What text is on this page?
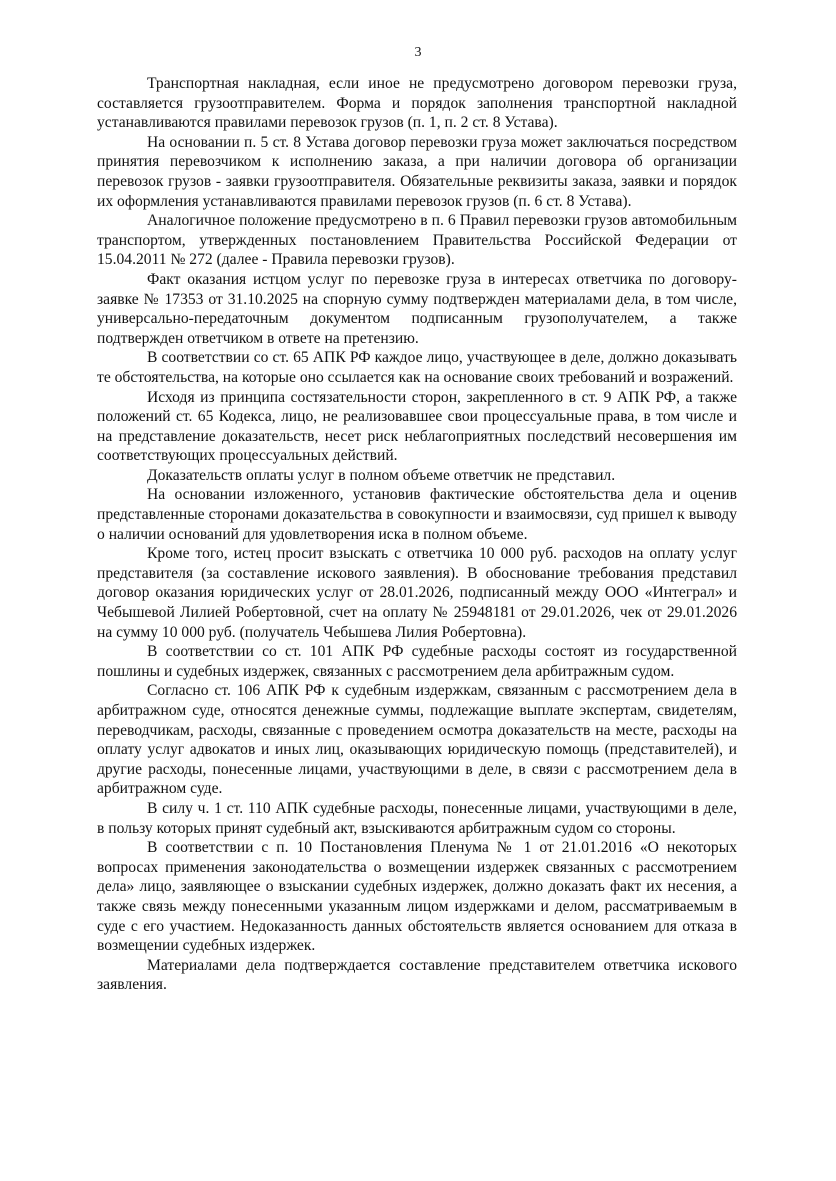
3

Транспортная накладная, если иное не предусмотрено договором перевозки груза, составляется грузоотправителем. Форма и порядок заполнения транспортной накладной устанавливаются правилами перевозок грузов (п. 1, п. 2 ст. 8 Устава).

На основании п. 5 ст. 8 Устава договор перевозки груза может заключаться посредством принятия перевозчиком к исполнению заказа, а при наличии договора об организации перевозок грузов - заявки грузоотправителя. Обязательные реквизиты заказа, заявки и порядок их оформления устанавливаются правилами перевозок грузов (п. 6 ст. 8 Устава).

Аналогичное положение предусмотрено в п. 6 Правил перевозки грузов автомобильным транспортом, утвержденных постановлением Правительства Российской Федерации от 15.04.2011 № 272 (далее - Правила перевозки грузов).

Факт оказания истцом услуг по перевозке груза в интересах ответчика по договору-заявке № 17353 от 31.10.2025 на спорную сумму подтвержден материалами дела, в том числе, универсально-передаточным документом подписанным грузополучателем, а также подтвержден ответчиком в ответе на претензию.

В соответствии со ст. 65 АПК РФ каждое лицо, участвующее в деле, должно доказывать те обстоятельства, на которые оно ссылается как на основание своих требований и возражений.

Исходя из принципа состязательности сторон, закрепленного в ст. 9 АПК РФ, а также положений ст. 65 Кодекса, лицо, не реализовавшее свои процессуальные права, в том числе и на представление доказательств, несет риск неблагоприятных последствий несовершения им соответствующих процессуальных действий.

Доказательств оплаты услуг в полном объеме ответчик не представил.

На основании изложенного, установив фактические обстоятельства дела и оценив представленные сторонами доказательства в совокупности и взаимосвязи, суд пришел к выводу о наличии оснований для удовлетворения иска в полном объеме.

Кроме того, истец просит взыскать с ответчика 10 000 руб. расходов на оплату услуг представителя (за составление искового заявления). В обоснование требования представил договор оказания юридических услуг от 28.01.2026, подписанный между ООО «Интеграл» и Чебышевой Лилией Робертовной, счет на оплату № 25948181 от 29.01.2026, чек от 29.01.2026 на сумму 10 000 руб. (получатель Чебышева Лилия Робертовна).

В соответствии со ст. 101 АПК РФ судебные расходы состоят из государственной пошлины и судебных издержек, связанных с рассмотрением дела арбитражным судом.

Согласно ст. 106 АПК РФ к судебным издержкам, связанным с рассмотрением дела в арбитражном суде, относятся денежные суммы, подлежащие выплате экспертам, свидетелям, переводчикам, расходы, связанные с проведением осмотра доказательств на месте, расходы на оплату услуг адвокатов и иных лиц, оказывающих юридическую помощь (представителей), и другие расходы, понесенные лицами, участвующими в деле, в связи с рассмотрением дела в арбитражном суде.

В силу ч. 1 ст. 110 АПК судебные расходы, понесенные лицами, участвующими в деле, в пользу которых принят судебный акт, взыскиваются арбитражным судом со стороны.

В соответствии с п. 10 Постановления Пленума № 1 от 21.01.2016 «О некоторых вопросах применения законодательства о возмещении издержек связанных с рассмотрением дела» лицо, заявляющее о взыскании судебных издержек, должно доказать факт их несения, а также связь между понесенными указанным лицом издержками и делом, рассматриваемым в суде с его участием. Недоказанность данных обстоятельств является основанием для отказа в возмещении судебных издержек.

Материалами дела подтверждается составление представителем ответчика искового заявления.
